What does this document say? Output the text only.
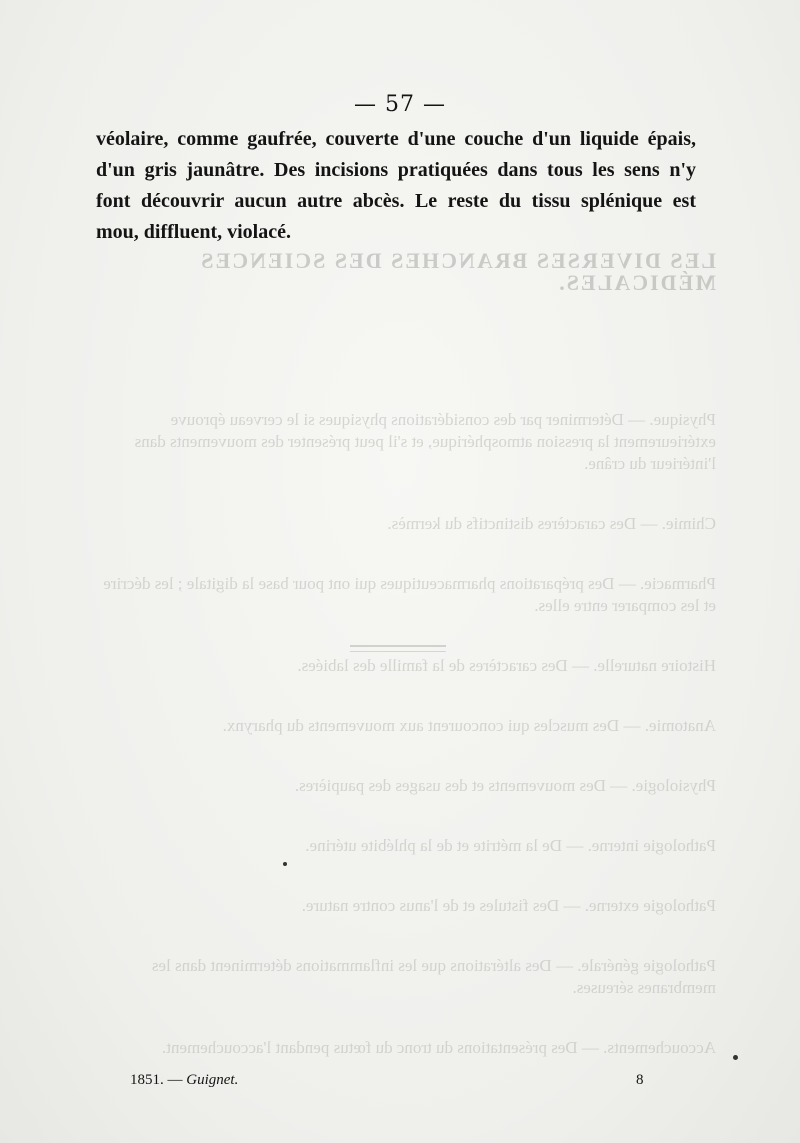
LES DIVERSES BRANCHES DES SCIENCES MÉDICALES.

Physique. — Déterminer par des considérations physiques si le cerveau éprouve extérieurement la pression atmosphérique, et s'il peut présenter des mouvements dans l'intérieur du crâne.

Chimie. — Des caractères distinctifs du kermès.

Pharmacie. — Des préparations pharmaceutiques qui ont pour base la digitale ; les décrire et les comparer entre elles.

Histoire naturelle. — Des caractères de la famille des labiées.

Anatomie. — Des muscles qui concourent aux mouvements du pharynx.

Physiologie. — Des mouvements et des usages des paupières.

Pathologie interne. — De la métrite et de la phlébite utérine.

Pathologie externe. — Des fistules et de l'anus contre nature.

Pathologie générale. — Des altérations que les inflammations déterminent dans les membranes séreuses.

Accouchements. — Des présentations du tronc du fœtus pendant l'accouchement.

— 57 —
véolaire, comme gaufrée, couverte d'une couche d'un liquide épais,
d'un gris jaunâtre. Des incisions pratiquées dans tous les sens n'y
font découvrir aucun autre abcès. Le reste du tissu splénique est
mou, diffluent, violacé.
1851. — Guignet.	8
